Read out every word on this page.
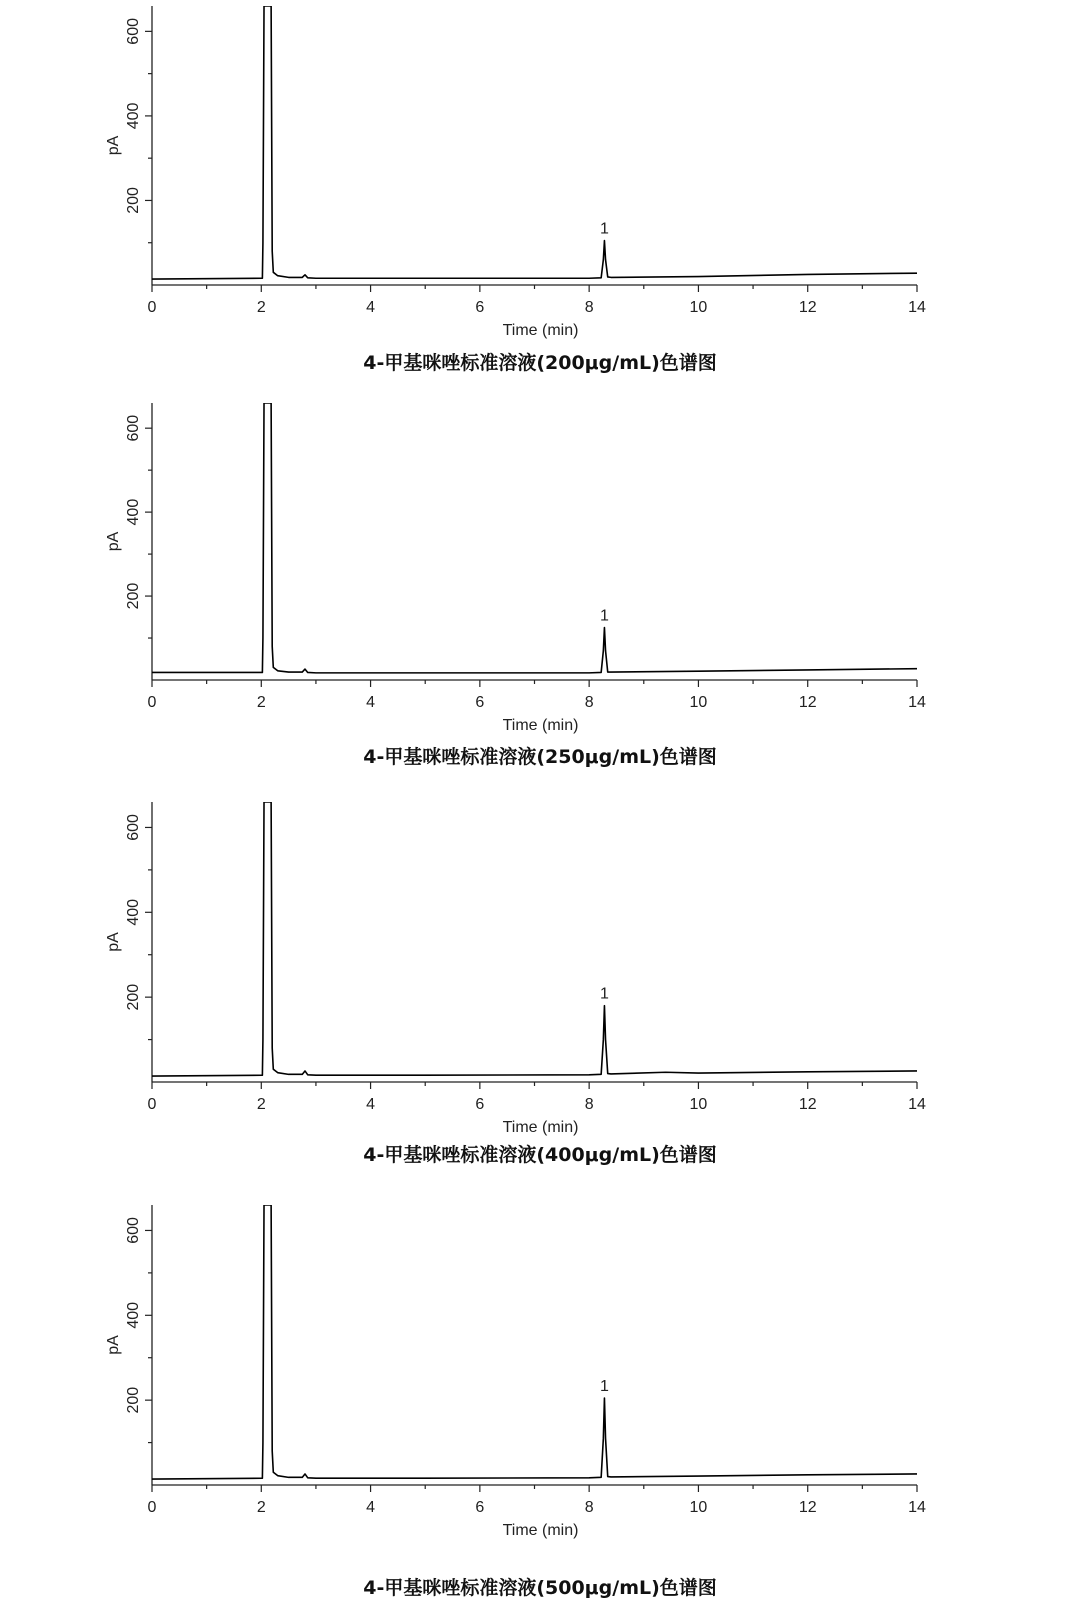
0	2	4	6	8	10	12	14
200
400
600
Time (min)
pA
1
4-甲基咪唑标准溶液(200μg/mL)色谱图
0	2	4	6	8	10	12	14
200
400
600
Time (min)
pA
1
4-甲基咪唑标准溶液(250μg/mL)色谱图
0	2	4	6	8	10	12	14
200
400
600
Time (min)
pA
1
4-甲基咪唑标准溶液(400μg/mL)色谱图
0	2	4	6	8	10	12	14
200
400
600
Time (min)
pA
1
4-甲基咪唑标准溶液(500μg/mL)色谱图
